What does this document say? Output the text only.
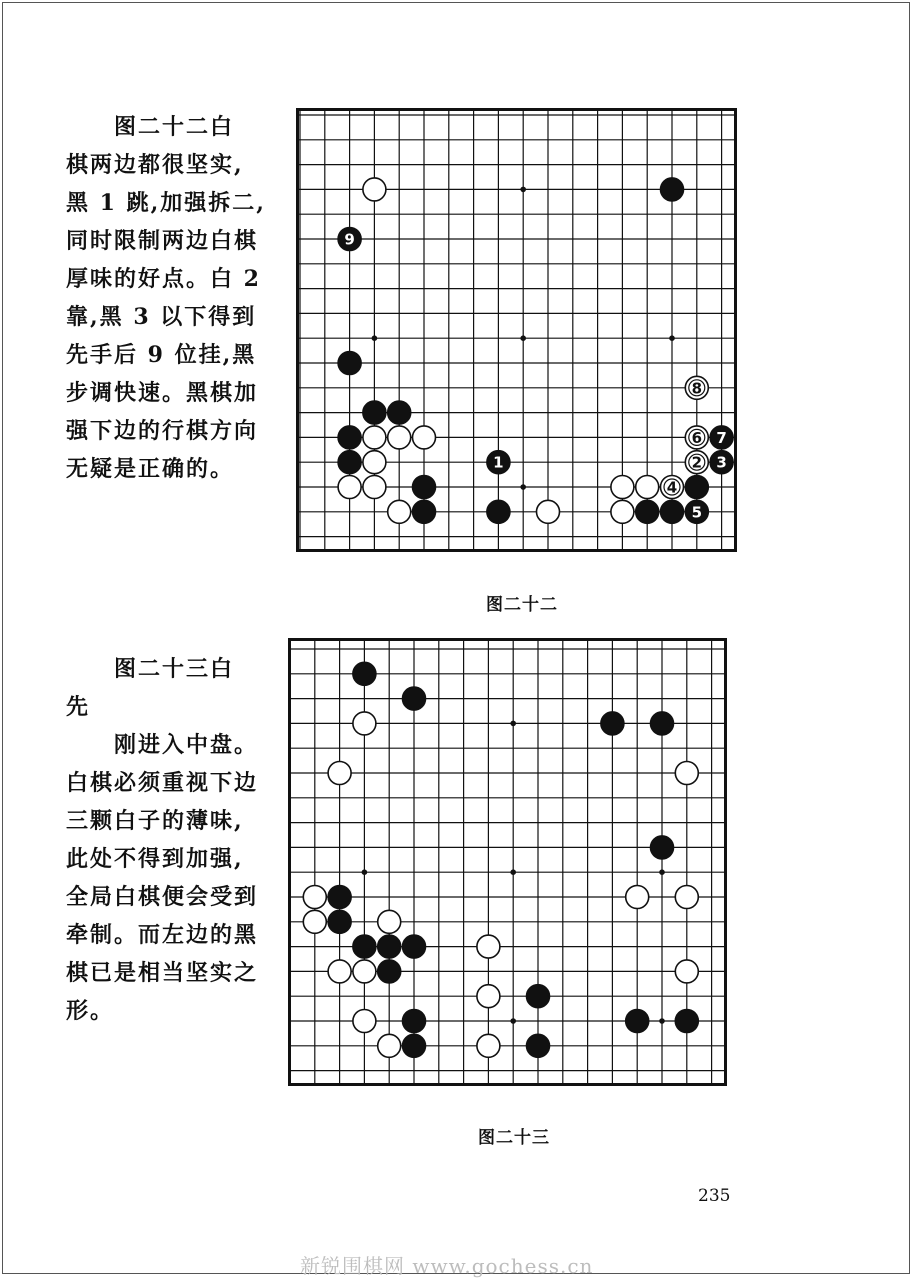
　　图二十二白
棋两边都很坚实,
黑 1 跳,加强拆二,
同时限制两边白棋
厚味的好点。白 2
靠,黑 3 以下得到
先手后 9 位挂,黑
步调快速。黑棋加
强下边的行棋方向
无疑是正确的。
9
8
6 7
1	2 3
4
5
图二十二
　　图二十三白
先
　　刚进入中盘。
白棋必须重视下边
三颗白子的薄味,
此处不得到加强,
全局白棋便会受到
牵制。而左边的黑
棋已是相当坚实之
形。
图二十三
235
新锐围棋网 www.gochess.cn
